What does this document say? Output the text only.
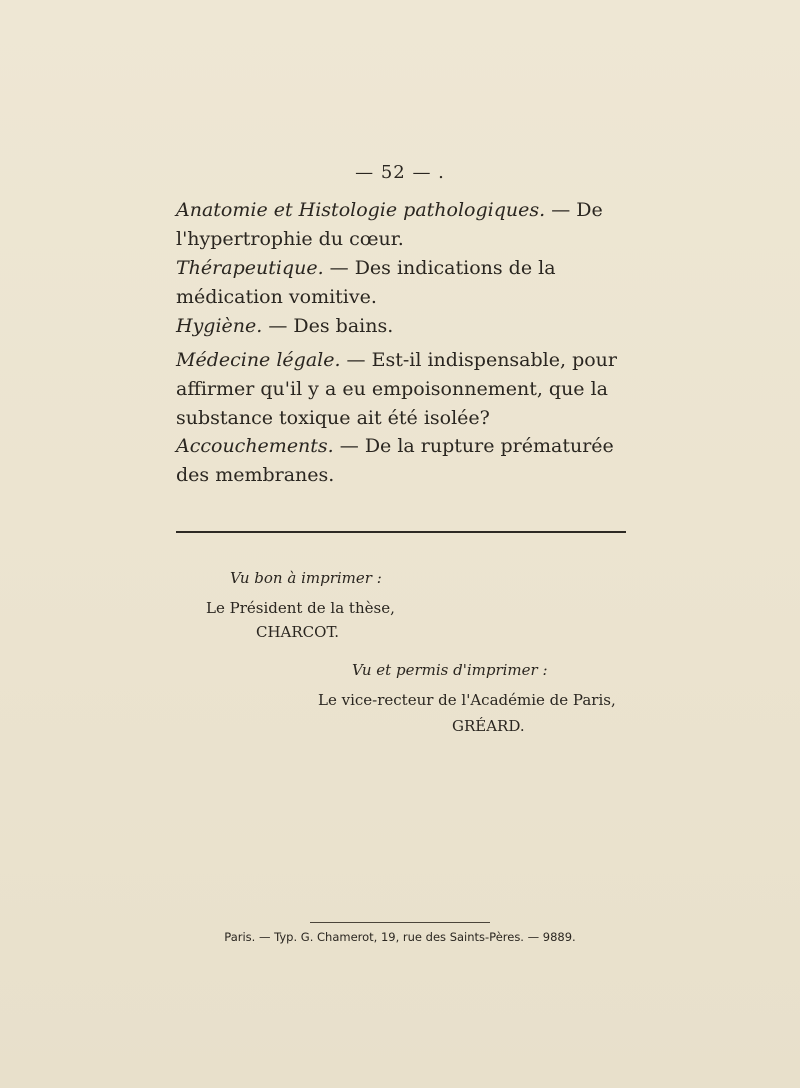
— 52 — .
Anatomie et Histologie pathologiques. — De l'hypertrophie du cœur.
Thérapeutique. — Des indications de la médication vomitive.
Hygiène. — Des bains.
Médecine légale. — Est-il indispensable, pour affirmer qu'il y a eu empoisonnement, que la substance toxique ait été isolée?
Accouchements. — De la rupture prématurée des membranes.
Vu bon à imprimer :
Le Président de la thèse,
CHARCOT.
Vu et permis d'imprimer :
Le vice-recteur de l'Académie de Paris,
GRÉARD.
Paris. — Typ. G. Chamerot, 19, rue des Saints-Pères. — 9889.
